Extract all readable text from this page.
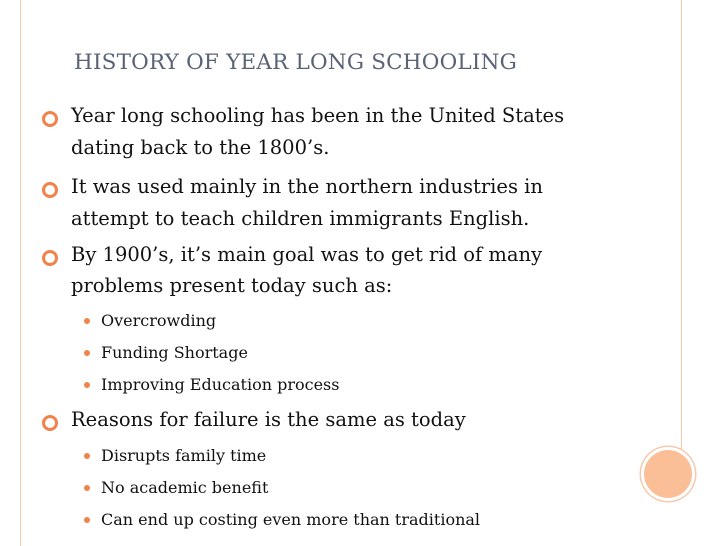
HISTORY OF YEAR LONG SCHOOLING
Year long schooling has been in the United States
dating back to the 1800’s.
It was used mainly in the northern industries in
attempt to teach children immigrants English.
By 1900’s, it’s main goal was to get rid of many
problems present today such as:
Overcrowding
Funding Shortage
Improving Education process
Reasons for failure is the same as today
Disrupts family time
No academic benefit
Can end up costing even more than traditional
